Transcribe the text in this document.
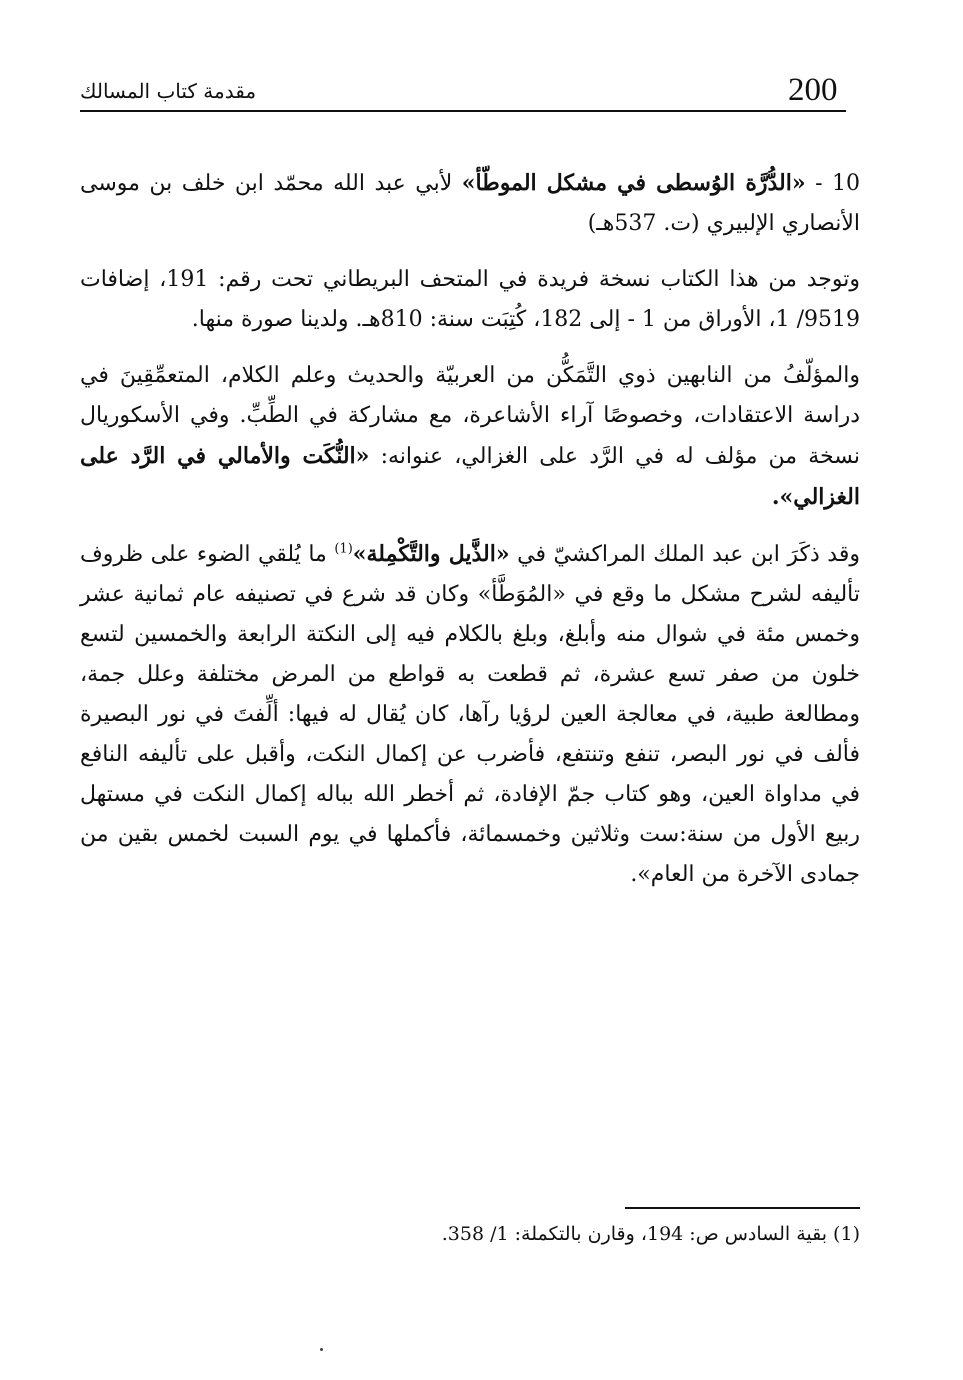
200
مقدمة كتاب المسالك

10 - «الدُّرَّة الوُسطى في مشكل الموطّأ» لأبي عبد الله محمّد ابن خلف بن موسى الأنصاري الإلبيري (ت. 537هـ)

وتوجد من هذا الكتاب نسخة فريدة في المتحف البريطاني تحت رقم: 191، إضافات 9519/ 1، الأوراق من 1 - إلى 182، كُتِبَت سنة: 810هـ. ولدينا صورة منها.

والمؤلّفُ من النابهين ذوي التَّمَكُّن من العربيّة والحديث وعلم الكلام، المتعمِّقِينَ في دراسة الاعتقادات، وخصوصًا آراء الأشاعرة، مع مشاركة في الطِّبِّ. وفي الأسكوريال نسخة من مؤلف له في الرَّد على الغزالي، عنوانه: «النُّكَت والأمالي في الرَّد على الغزالي».

وقد ذكَرَ ابن عبد الملك المراكشيّ في «الذَّيل والتَّكْمِلة»$^{(1)}$ ما يُلقي الضوء على ظروف تأليفه لشرح مشكل ما وقع في «المُوَطَّأ» وكان قد شرع في تصنيفه عام ثمانية عشر وخمس مئة في شوال منه وأبلغ، وبلغ بالكلام فيه إلى النكتة الرابعة والخمسين لتسع خلون من صفر تسع عشرة، ثم قطعت به قواطع من المرض مختلفة وعلل جمة، ومطالعة طبية، في معالجة العين لرؤيا رآها، كان يُقال له فيها: ألِّفتَ في نور البصيرة فألف في نور البصر، تنفع وتنتفع، فأضرب عن إكمال النكت، وأقبل على تأليفه النافع في مداواة العين، وهو كتاب جمّ الإفادة، ثم أخطر الله بباله إكمال النكت في مستهل ربيع الأول من سنة:ست وثلاثين وخمسمائة، فأكملها في يوم السبت لخمس بقين من جمادى الآخرة من العام».

(1) بقية السادس ص: 194، وقارن بالتكملة: 1/ 358.
